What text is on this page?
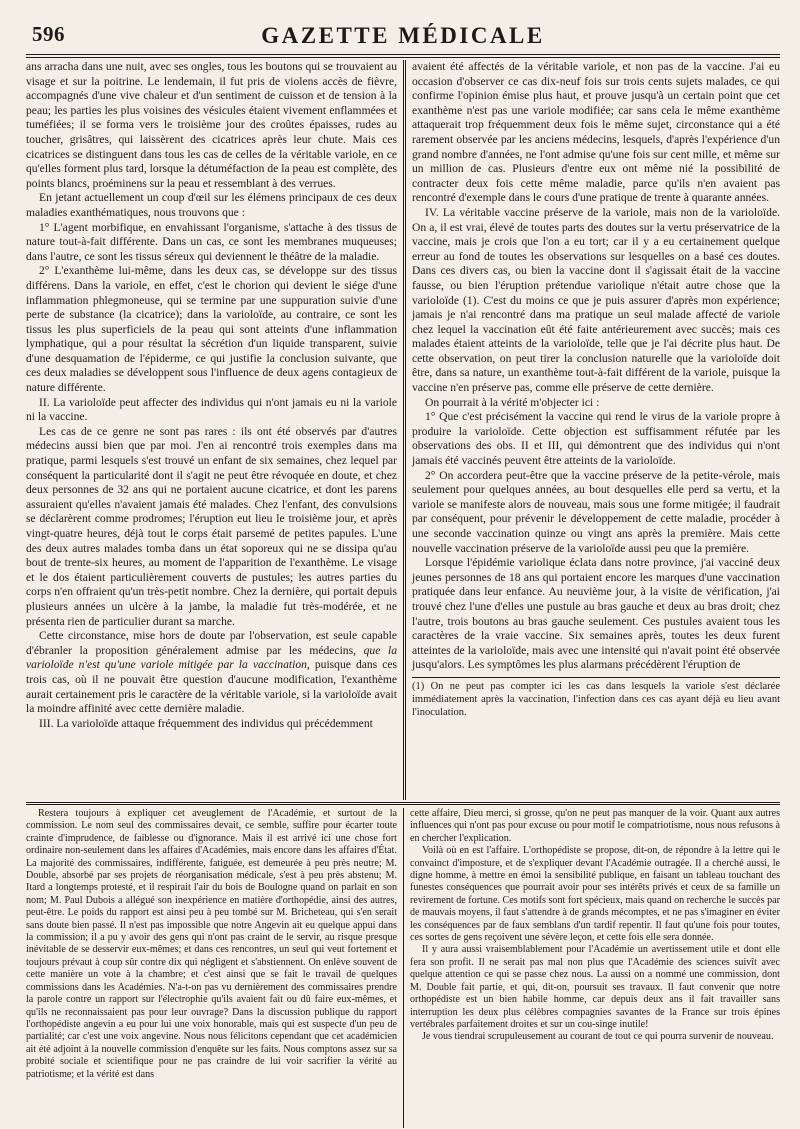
596	GAZETTE MÉDICALE

ans arracha dans une nuit, avec ses ongles, tous les boutons qui se trouvaient au visage et sur la poitrine. Le lendemain, il fut pris de violens accès de fièvre, accompagnés d'une vive chaleur et d'un sentiment de cuisson et de tension à la peau; les parties les plus voisines des vésicules étaient vivement enflammées et tuméfiées; il se forma vers le troisième jour des croûtes épaisses, rudes au toucher, grisâtres, qui laissèrent des cicatrices après leur chute. Mais ces cicatrices se distinguent dans tous les cas de celles de la véritable variole, en ce qu'elles forment plus tard, lorsque la détuméfaction de la peau est complète, des points blancs, proéminens sur la peau et ressemblant à des verrues.

En jetant actuellement un coup d'œil sur les élémens principaux de ces deux maladies exanthématiques, nous trouvons que :

1° L'agent morbifique, en envahissant l'organisme, s'attache à des tissus de nature tout-à-fait différente. Dans un cas, ce sont les membranes muqueuses; dans l'autre, ce sont les tissus séreux qui deviennent le théâtre de la maladie.

2° L'exanthème lui-même, dans les deux cas, se développe sur des tissus différens. Dans la variole, en effet, c'est le chorion qui devient le siége d'une inflammation phlegmoneuse, qui se termine par une suppuration suivie d'une perte de substance (la cicatrice); dans la varioloïde, au contraire, ce sont les tissus les plus superficiels de la peau qui sont atteints d'une inflammation lymphatique, qui a pour résultat la sécrétion d'un liquide transparent, suivie d'une desquamation de l'épiderme, ce qui justifie la conclusion suivante, que ces deux maladies se développent sous l'influence de deux agens contagieux de nature différente.

II. La varioloïde peut affecter des individus qui n'ont jamais eu ni la variole ni la vaccine.

Les cas de ce genre ne sont pas rares : ils ont été observés par d'autres médecins aussi bien que par moi. J'en ai rencontré trois exemples dans ma pratique, parmi lesquels s'est trouvé un enfant de six semaines, chez lequel par conséquent la particularité dont il s'agit ne peut être révoquée en doute, et chez deux personnes de 32 ans qui ne portaient aucune cicatrice, et dont les parens assuraient qu'elles n'avaient jamais été malades. Chez l'enfant, des convulsions se déclarèrent comme prodromes; l'éruption eut lieu le troisième jour, et après vingt-quatre heures, déjà tout le corps était parsemé de petites papules. L'une des deux autres malades tomba dans un état soporeux qui ne se dissipa qu'au bout de trente-six heures, au moment de l'apparition de l'exanthème. Le visage et le dos étaient particulièrement couverts de pustules; les autres parties du corps n'en offraient qu'un très-petit nombre. Chez la dernière, qui portait depuis plusieurs années un ulcère à la jambe, la maladie fut très-modérée, et ne présenta rien de particulier durant sa marche.

Cette circonstance, mise hors de doute par l'observation, est seule capable d'ébranler la proposition généralement admise par les médecins, que la varioloïde n'est qu'une variole mitigée par la vaccination, puisque dans ces trois cas, où il ne pouvait être question d'aucune modification, l'exanthème aurait certainement pris le caractère de la véritable variole, si la varioloïde avait la moindre affinité avec cette dernière maladie.

III. La varioloïde attaque fréquemment des individus qui précédemment

avaient été affectés de la véritable variole, et non pas de la vaccine. J'ai eu occasion d'observer ce cas dix-neuf fois sur trois cents sujets malades, ce qui confirme l'opinion émise plus haut, et prouve jusqu'à un certain point que cet exanthème n'est pas une variole modifiée; car sans cela le même exanthème attaquerait trop fréquemment deux fois le même sujet, circonstance qui a été rarement observée par les anciens médecins, lesquels, d'après l'expérience d'un grand nombre d'années, ne l'ont admise qu'une fois sur cent mille, et même sur un million de cas. Plusieurs d'entre eux ont même nié la possibilité de contracter deux fois cette même maladie, parce qu'ils n'en avaient pas rencontré d'exemple dans le cours d'une pratique de trente à quarante années.

IV. La véritable vaccine préserve de la variole, mais non de la varioloïde. On a, il est vrai, élevé de toutes parts des doutes sur la vertu préservatrice de la vaccine, mais je crois que l'on a eu tort; car il y a eu certainement quelque erreur au fond de toutes les observations sur lesquelles on a basé ces doutes. Dans ces divers cas, ou bien la vaccine dont il s'agissait était de la vaccine fausse, ou bien l'éruption prétendue variolique n'était autre chose que la varioloïde (1). C'est du moins ce que je puis assurer d'après mon expérience; jamais je n'ai rencontré dans ma pratique un seul malade affecté de variole chez lequel la vaccination eût été faite antérieurement avec succès; mais ces malades étaient atteints de la varioloïde, telle que je l'ai décrite plus haut. De cette observation, on peut tirer la conclusion naturelle que la varioloïde doit être, dans sa nature, un exanthème tout-à-fait différent de la variole, puisque la vaccine n'en préserve pas, comme elle préserve de cette dernière.

On pourrait à la vérité m'objecter ici :

1° Que c'est précisément la vaccine qui rend le virus de la variole propre à produire la varioloïde. Cette objection est suffisamment réfutée par les observations des obs. II et III, qui démontrent que des individus qui n'ont jamais été vaccinés peuvent être atteints de la varioloïde.

2° On accordera peut-être que la vaccine préserve de la petite-vérole, mais seulement pour quelques années, au bout desquelles elle perd sa vertu, et la variole se manifeste alors de nouveau, mais sous une forme mitigée; il faudrait par conséquent, pour prévenir le développement de cette maladie, procéder à une seconde vaccination quinze ou vingt ans après la première. Mais cette nouvelle vaccination préserve de la varioloïde aussi peu que la première.

Lorsque l'épidémie variolique éclata dans notre province, j'ai vacciné deux jeunes personnes de 18 ans qui portaient encore les marques d'une vaccination pratiquée dans leur enfance. Au neuvième jour, à la visite de vérification, j'ai trouvé chez l'une d'elles une pustule au bras gauche et deux au bras droit; chez l'autre, trois boutons au bras gauche seulement. Ces pustules avaient tous les caractères de la vraie vaccine. Six semaines après, toutes les deux furent atteintes de la varioloïde, mais avec une intensité qui n'avait point été observée jusqu'alors. Les symptômes les plus alarmans précédèrent l'éruption de

(1) On ne peut pas compter ici les cas dans lesquels la variole s'est déclarée immédiatement après la vaccination, l'infection dans ces cas ayant déjà eu lieu avant l'inoculation.

Restera toujours à expliquer cet aveuglement de l'Académie, et surtout de la commission. Le nom seul des commissaires devait, ce semble, suffire pour écarter toute crainte d'imprudence, de faiblesse ou d'ignorance. Mais il est arrivé ici une chose fort ordinaire non-seulement dans les affaires d'Académies, mais encore dans les affaires d'État. La majorité des commissaires, indifférente, fatiguée, est demeurée à peu près neutre; M. Double, absorbé par ses projets de réorganisation médicale, s'est à peu près abstenu; M. Itard a longtemps protesté, et il respirait l'air du bois de Boulogne quand on parlait en son nom; M. Paul Dubois a allégué son inexpérience en matière d'orthopédie, ainsi des autres, peut-être. Le poids du rapport est ainsi peu à peu tombé sur M. Bricheteau, qui s'en serait sans doute bien passé. Il n'est pas impossible que notre Angevin ait eu quelque appui dans la commission; il a pu y avoir des gens qui n'ont pas craint de le servir, au risque presque inévitable de se desservir eux-mêmes; et dans ces rencontres, un seul qui veut fortement et toujours prévaut à coup sûr contre dix qui négligent et s'abstiennent. On enlève souvent de cette manière un vote à la chambre; et c'est ainsi que se fait le travail de quelques commissions dans les Académies. N'a-t-on pas vu dernièrement des commissaires prendre la parole contre un rapport sur l'électrophie qu'ils avaient fait ou dû faire eux-mêmes, et qu'ils ne reconnaissaient pas pour leur ouvrage? Dans la discussion publique du rapport l'orthopédiste angevin a eu pour lui une voix honorable, mais qui est suspecte d'un peu de partialité; car c'est une voix angevine. Nous nous félicitons cependant que cet académicien ait été adjoint à la nouvelle commission d'enquête sur les faits. Nous comptons assez sur sa probité sociale et scientifique pour ne pas craindre de lui voir sacrifier la vérité au patriotisme; et la vérité est dans

cette affaire, Dieu merci, si grosse, qu'on ne peut pas manquer de la voir. Quant aux autres influences qui n'ont pas pour excuse ou pour motif le compatriotisme, nous nous refusons à en chercher l'explication.

Voilà où en est l'affaire. L'orthopédiste se propose, dit-on, de répondre à la lettre qui le convainct d'imposture, et de s'expliquer devant l'Académie outragée. Il a cherché aussi, le digne homme, à mettre en émoi la sensibilité publique, en faisant un tableau touchant des funestes conséquences que pourrait avoir pour ses intérêts privés et ceux de sa famille un revirement de fortune. Ces motifs sont fort spécieux, mais quand on recherche le succès par de mauvais moyens, il faut s'attendre à de grands mécomptes, et ne pas s'imaginer en éviter les conséquences par de faux semblans d'un tardif repentir. Il faut qu'une fois pour toutes, ces sortes de gens reçoivent une sévère leçon, et cette fois elle sera donnée.

Il y aura aussi vraisemblablement pour l'Académie un avertissement utile et dont elle fera son profit. Il ne serait pas mal non plus que l'Académie des sciences suivît avec quelque attention ce qui se passe chez nous. La aussi on a nommé une commission, dont M. Double fait partie, et qui, dit-on, poursuit ses travaux. Il faut convenir que notre orthopédiste est un bien habile homme, car depuis deux ans il fait travailler sans interruption les deux plus célèbres compagnies savantes de la France sur trois épines vertébrales parfaitement droites et sur un cou-singe inutile!

Je vous tiendrai scrupuleusement au courant de tout ce qui pourra survenir de nouveau.
